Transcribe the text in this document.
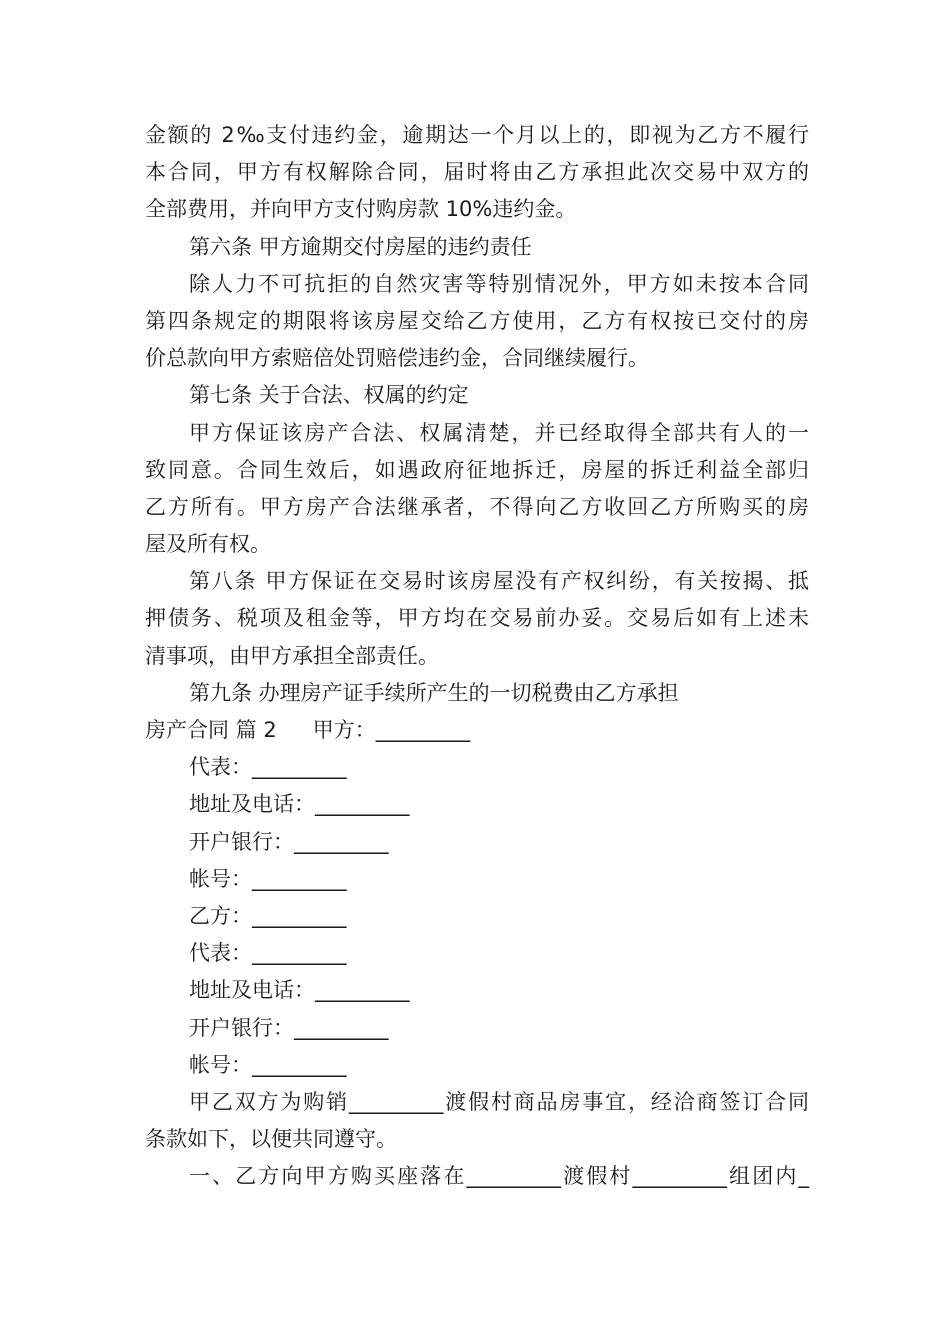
金额的 2‰支付违约金，逾期达一个月以上的，即视为乙方不履行
本合同，甲方有权解除合同，届时将由乙方承担此次交易中双方的
全部费用，并向甲方支付购房款 10%违约金。
第六条 甲方逾期交付房屋的违约责任
除人力不可抗拒的自然灾害等特别情况外，甲方如未按本合同
第四条规定的期限将该房屋交给乙方使用，乙方有权按已交付的房
价总款向甲方索赔倍处罚赔偿违约金，合同继续履行。
第七条 关于合法、权属的约定
甲方保证该房产合法、权属清楚，并已经取得全部共有人的一
致同意。合同生效后，如遇政府征地拆迁，房屋的拆迁利益全部归
乙方所有。甲方房产合法继承者，不得向乙方收回乙方所购买的房
屋及所有权。
第八条 甲方保证在交易时该房屋没有产权纠纷，有关按揭、抵
押债务、税项及租金等，甲方均在交易前办妥。交易后如有上述未
清事项，由甲方承担全部责任。
第九条 办理房产证手续所产生的一切税费由乙方承担
房产合同 篇 2 甲方：_________
代表：_________
地址及电话：_________
开户银行：_________
帐号：_________
乙方：_________
代表：_________
地址及电话：_________
开户银行：_________
帐号：_________
甲乙双方为购销_________渡假村商品房事宜，经洽商签订合同
条款如下，以便共同遵守。
一、乙方向甲方购买座落在_________渡假村_________组团内_
